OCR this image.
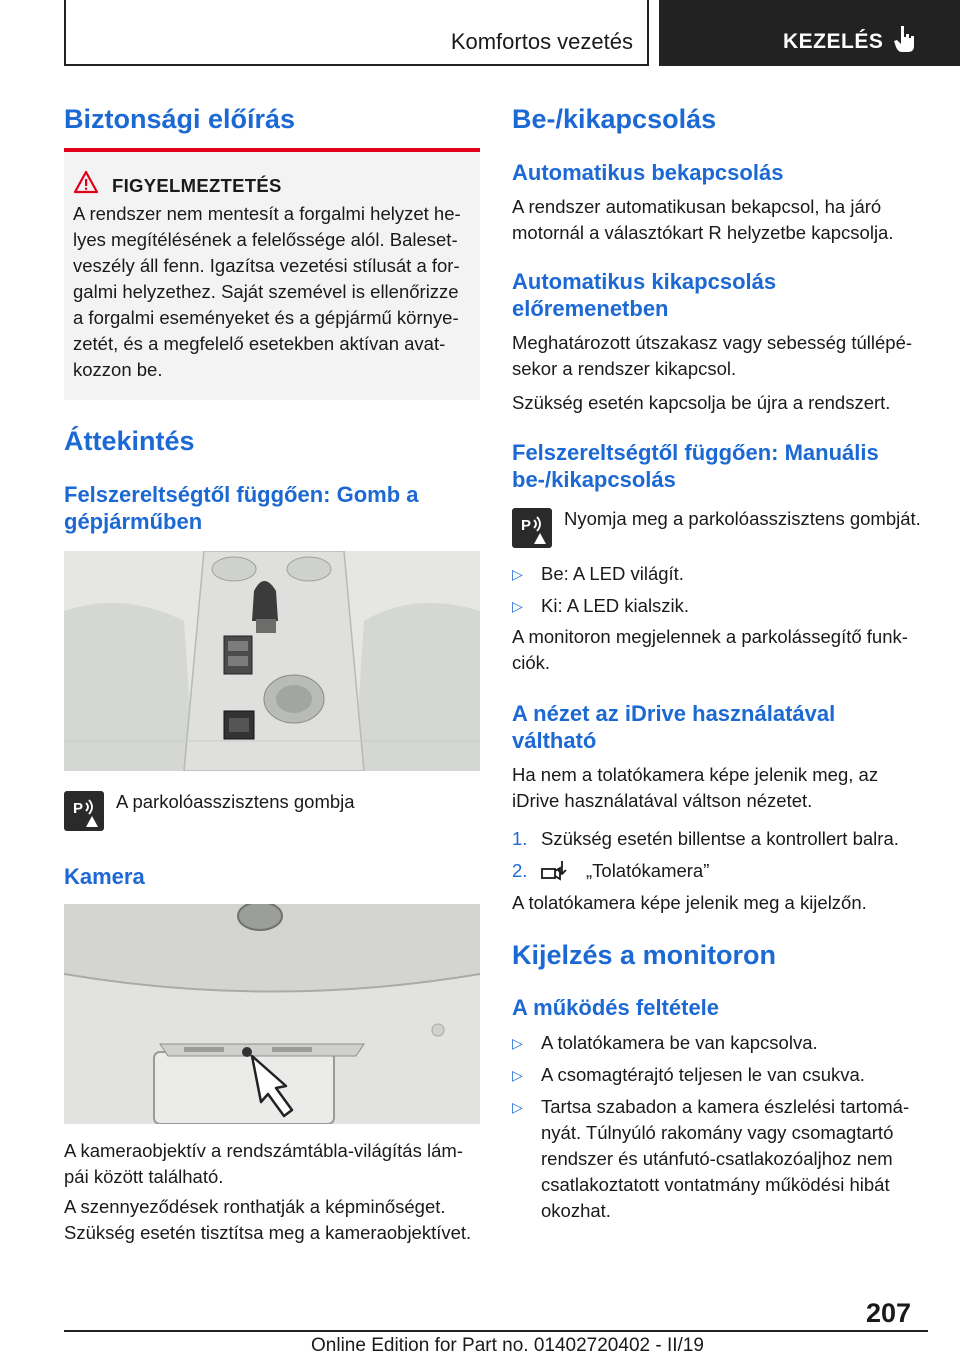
Komfortos vezetés	KEZELÉS
Biztonsági előírás
FIGYELMEZTETÉS
A rendszer nem mentesít a forgalmi helyzet he-
lyes megítélésének a felelőssége alól. Baleset-
veszély áll fenn. Igazítsa vezetési stílusát a for-
galmi helyzethez. Saját szemével is ellenőrizze
a forgalmi eseményeket és a gépjármű környe-
zetét, és a megfelelő esetekben aktívan avat-
kozzon be.
Áttekintés
Felszereltségtől függően: Gomb a
gépjárműben
P A parkolóasszisztens gombja
Kamera
A kameraobjektív a rendszámtábla-világítás lám-
pái között található.
A szennyeződések ronthatják a képminőséget.
Szükség esetén tisztítsa meg a kameraobjektívet.
Be-/kikapcsolás
Automatikus bekapcsolás
A rendszer automatikusan bekapcsol, ha járó
motornál a választókart R helyzetbe kapcsolja.
Automatikus kikapcsolás
előremenetben
Meghatározott útszakasz vagy sebesség túllépé-
sekor a rendszer kikapcsol.
Szükség esetén kapcsolja be újra a rendszert.
Felszereltségtől függően: Manuális
be-/kikapcsolás
P Nyomja meg a parkolóasszisztens gombját.
▷ Be: A LED világít.
▷ Ki: A LED kialszik.
A monitoron megjelennek a parkolássegítő funk-
ciók.
A nézet az iDrive használatával
váltható
Ha nem a tolatókamera képe jelenik meg, az
iDrive használatával váltson nézetet.
1. Szükség esetén billentse a kontrollert balra.
2.	„Tolatókamera”
A tolatókamera képe jelenik meg a kijelzőn.
Kijelzés a monitoron
A működés feltétele
▷ A tolatókamera be van kapcsolva.
▷ A csomagtérajtó teljesen le van csukva.
▷ Tartsa szabadon a kamera észlelési tartomá-
nyát. Túlnyúló rakomány vagy csomagtartó
rendszer és utánfutó-csatlakozóaljhoz nem
csatlakoztatott vontatmány működési hibát
okozhat.
207
Online Edition for Part no. 01402720402 - II/19
